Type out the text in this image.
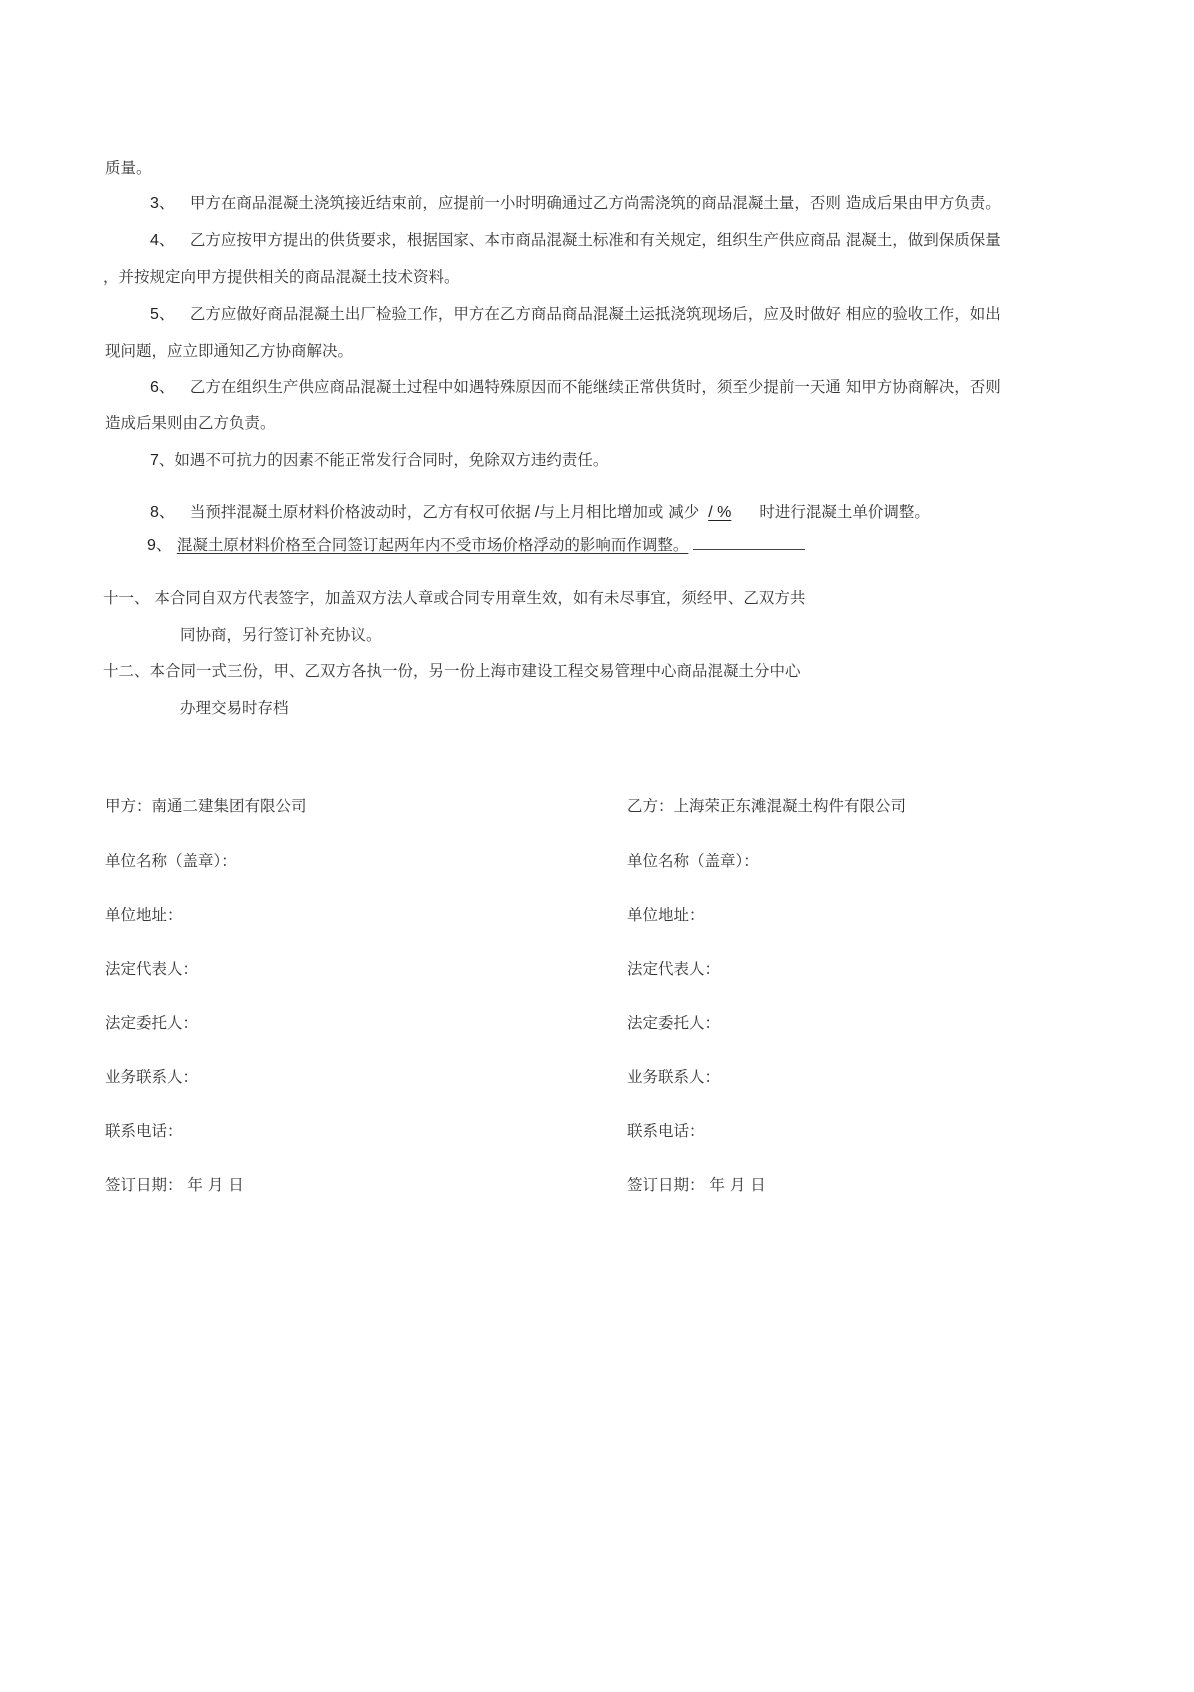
质量。
3、 甲方在商品混凝土浇筑接近结束前，应提前一小时明确通过乙方尚需浇筑的商品混凝土量，否则 造成后果由甲方负责。
4、 乙方应按甲方提出的供货要求，根据国家、本市商品混凝土标准和有关规定，组织生产供应商品 混凝土，做到保质保量
，并按规定向甲方提供相关的商品混凝土技术资料。
5、 乙方应做好商品混凝土出厂检验工作，甲方在乙方商品商品混凝土运抵浇筑现场后，应及时做好 相应的验收工作，如出
现问题，应立即通知乙方协商解决。
6、 乙方在组织生产供应商品混凝土过程中如遇特殊原因而不能继续正常供货时，须至少提前一天通 知甲方协商解决，否则
造成后果则由乙方负责。
7、如遇不可抗力的因素不能正常发行合同时，免除双方违约责任。
8、 当预拌混凝土原材料价格波动时，乙方有权可依据 /与上月相比增加或 减少 / % 时进行混凝土单价调整。
9、 混凝土原材料价格至合同签订起两年内不受市场价格浮动的影响而作调整。
十一、 本合同自双方代表签字，加盖双方法人章或合同专用章生效，如有未尽事宜，须经甲、乙双方共
同协商，另行签订补充协议。
十二、本合同一式三份，甲、乙双方各执一份，另一份上海市建设工程交易管理中心商品混凝土分中心
办理交易时存档
甲方：南通二建集团有限公司
单位名称（盖章）：
单位地址：
法定代表人：
法定委托人：
业务联系人：
联系电话：
签订日期： 年 月 日
乙方：上海荣正东滩混凝土构件有限公司
单位名称（盖章）：
单位地址：
法定代表人：
法定委托人：
业务联系人：
联系电话：
签订日期： 年 月 日
